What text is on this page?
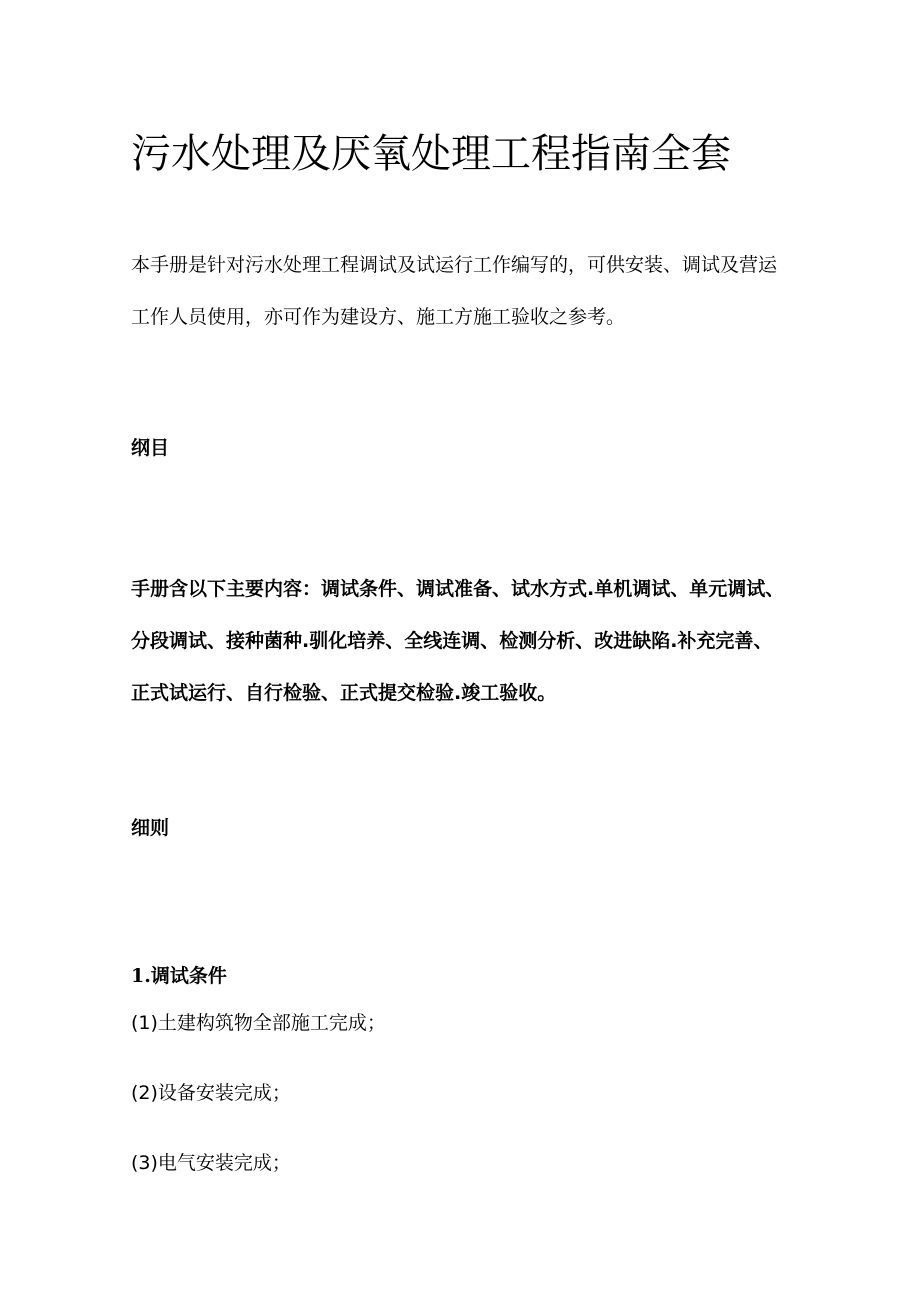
污水处理及厌氧处理工程指南全套

本手册是针对污水处理工程调试及试运行工作编写的，可供安装、调试及营运工作人员使用，亦可作为建设方、施工方施工验收之参考。

纲目

手册含以下主要内容：调试条件、调试准备、试水方式.单机调试、单元调试、分段调试、接种菌种.驯化培养、全线连调、检测分析、改进缺陷.补充完善、正式试运行、自行检验、正式提交检验.竣工验收。

细则
1.调试条件

(1)土建构筑物全部施工完成；

(2)设备安装完成；

(3)电气安装完成；
